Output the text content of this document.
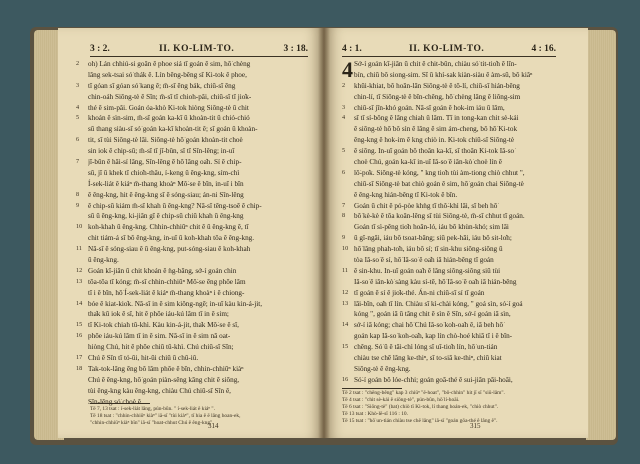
3 : 2.	II. KO-LIM-TO.	3 : 18.
2	oh) Lán chhiú-si goân ê phoe siá tī goán ê sim, hō͘ chèng
lâng sek-tsai só͘ thák ê. Lín bêng-bêng sī Ki-tok ê phoe,
3	tī góan sī góan só͘ kang ê; m̄-sī ēng bák, chiū-sī ēng
chin-oáh Siōng-tè ê Sîn; m̄-sī tī chioh-pâi, chiū-sī tī jio̍k-
4	thé ê sim-pâi. Goán óa-khò Ki-tok hiòng Siōng-tè ū chit
5	khoán ê sìn-sim, m̄-sī goán ka-kī ū khoàn-tit ū chió-chió
sū thang siàu-sī só͘ goán ka-kī khoàn-tit ê; sī goán ū khoàn-
6	tit, sī tùi Siōng-tè lâi. Siōng-tè hō͘ goán khoàn-tit choè
sin iok ê chip-sū; m̄-sī tī jī-bûn, sī tī Sîn-lêng; in-uī
7	jī-bûn ē hāi-sí lâng, Sîn-lêng ē hō͘ lâng oa̍h. Sí ê chip-
sū, jī ū khek tī chio̍h-thâu, í-keng ū êng-kng, sím-chì
Í-sek-liát ê kiáⁿ m̄-thang khoàⁿ Mô͘-se ê bīn, in-uī i bīn
8	ê êng-kng, hit ê êng-kng sī ē sóng-siau; án-ni Sîn-lêng
9	ê chip-sū kiám m̄-sī khah ū êng-kng? Nā-sī tēng-tsoē ê chip-
sū ū êng-kng, ki-jiân gī ê chip-sū chiū khah ū êng-kng
10 koh-khah ū êng-kng. Chhin-chhiūⁿ chit ê ū êng-kng ê, tī
chit tiám-á sī bô êng-kng, in-uī ū koh-khah tōa ê êng-kng.
11 Nā-sī ē sóng-siau ê ū êng-kng, put-sóng-siau ê koh-khah
ū êng-kng.
12 Goán kī-jiân ū chit khoán ê ǹg-bāng, sớ-í goán chin
13 tōa-tōa tī kóng; m̄-sī chhin-chhiūⁿ Mô͘-se ēng phōe lâm
tī i ê bīn, hō͘ Í-sek-liát ê kiáⁿ m̄-thang khoàⁿ i ê chiong-
14 bóe ê kiat-kio̍k. Nā-sī in ê sim kiông-ngē; in-uī kàu kin-á-jit,
tha̍k kū iok ê sî, hit ê phōe iáu-kú lâm tī in ê sim;
15 tī Ki-tok chiah tû-khì. Kàu kin-á-jit, tha̍k Mô͘-se ê sî,
16 phōe iáu-kú lâm tī in ê sim. Nā-sī in ê sim nā oat-
hiòng Chú, hit ê phōe chiū tû-khì. Chú chiū-sī Sîn;
17 Chú ê Sîn tī tó-ūi, hit-ūi chiū ū chū-iû.
18 Tak-tok-lâng ēng bô lâm phōe ê bīn, chhin-chhiūⁿ kiàⁿ
Chú ê êng-kng, hō͘ goán piàn-sêng kāng chit ê siōng,
tùi êng-kng kàu êng-kng, chiàu Chú chiū-sī Sîn ê,
Sîn-lêng só͘ choè ê.
Tē 7, 13 tsat : í-sek-liát lâng, pún-bûn. " í-sek-liát ê kiáⁿ ".
Tē 18 tsat : "chhin-chhiūⁿ kiàⁿ" iā-sī "tùi kiàⁿ", tī hia ê ē lâng hoan-ek,
"chhin-chhiūⁿ kiàⁿ bīn" iā-sī "hoat-chhut Chú ê êng-kng".
314
4 : 1.	II. KO-LIM-TO.	4 : 16.
4 Sớ-í goán kī-jiân ū chit ê chit-bûn, chiàu só͘ tit-tio̍h ê lîn-
bín, chiū bô siong-sim. Sī ū khí-sak kiàn-siàu ê àm-sū, bô kiâⁿ
2	khūi-khiat, bô hoān-lān Siōng-tè ê tō-lí, chiū-sī hián-bêng
chin-lí, tī Siōng-tè ê bīn-chêng, hō͘ chèng lâng ê liông-sim
3	chiū-sī jīn-khó goán. Nā-sī goán ê hok-im iáu ū lâm,
4	sī tī sí-bông ê lâng chiah ū lâm. Tī in tong-kan chit sè-kái
ê siōng-tè hō͘ bô sìn ê lâng ê sim ám-cheng, bô hō͘ Ki-tok
êng-kng ê hok-im ê kng chiò in. Ki-tok chiū-sī Siōng-tè
5	ê siōng. In-uī goán bô thoân ka-kī, sī thoân Ki-tok Iâ-so͘
choè Chú, goán ka-kī in-uī Iâ-so͘ ê iân-kò͘ choè lín ê
6	lô͘-po̍k. Siōng-tè kóng, " kng tio̍h tùi àm-tiong chiò chhut ",
chiū-sī Siōng-tè bat chiò goán ê sim, hō͘ goán chai Siōng-tè
ê êng-kng hián-bêng tī Ki-tok ê bīn.
7	Goán ū chit ê pó-pòe khǹg tī thô͘-khì lāi, sī beh hō͘
8	bô͘ kè-kè ê tōa koân-lêng sī tùi Siōng-tè, m̄-sī chhut tī goán.
Goán tī sì-pêng tio̍h hoân-ló, iáu bô khùn-khó; sim lāi
9	ū gî-ngāi, iáu bô tsoat-bāng; siū pek-hāi, iáu bô sit-lo̍h;
10 hō͘ lâng phah-to̍h, iáu bô sí; tī sin-khu siông-siông ū
tòa Iâ-so͘ ê sí, hō͘ Iâ-so͘ ê oa̍h iā hián-bêng tī goán
11 ê sin-khu. In-uī goán oa̍h ê lâng siông-siông siū tùi
Iâ-so͘ ê iân-kò͘ sàng kàu sí-tē, hō͘ Iâ-so͘ ê oa̍h iā hián-bêng
12 tī goán ē sí ê jio̍k-thé. Án-ni chiū-sī sí tī goán
13 lāi-bīn, oa̍h tī lín. Chiàu sī kì-chài kóng, " goá sìn, só͘-í goá
kóng ", goán iā ū tâng chit ê sìn ê Sîn, sớ-í goán iā sìn,
14 sớ-í iā kóng; chai hō͘ Chú Iâ-so͘ koh-oa̍h ê, iā beh hō͘
goán kap Iâ-so͘ koh-oa̍h, kap lín chò-hoé khiā tī i ê bīn-
15 chêng. Só͘ ū ê tāi-chì lóng sī uī-tio̍h lín, hō͘ un-tián
chiàu tse chē lâng ke-thiⁿ, sī to-siā ke-thiⁿ, chiū kiat
Siōng-tè ê êng-kng.
16 Só͘-í goán bô lóe-chhi; goán goā-thé ê sui-jiân pāi-hoāi,
Tē 2 tsat : "chēng-bêng" kap 3 chiūⁿ "ē-hoat", "bô-chhin" hit jī sī "siū-lâm".
Tē 4 tsat : "chit sè-kái ê siōng-tè", pún-bûn, hō͘ lí-hoāi.
Tē 6 tsat : "Siōng-tè" (bat) chiò tī Ki-tok, lí thang hoán-ek, "chiò chhut".
Tē 13 tsat : Khò-lē-sî 116 : 10.
Tē 15 tsat : "hō͘ un-tián chiàu tse chē lâng" iā-sī "goán gōa-thé ê lâng ê".
315
